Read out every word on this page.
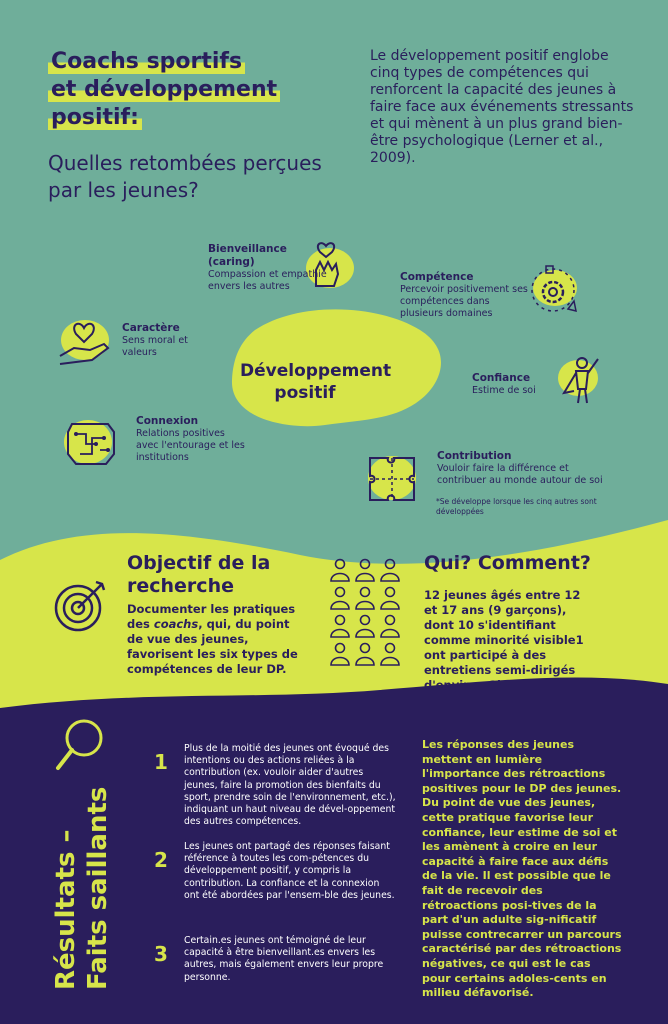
Coachs sportifs
et développement
positif:
Quelles retombées perçues par les jeunes?
Le développement positif englobe cinq types de compétences qui renforcent la capacité des jeunes à faire face aux événements stressants et qui mènent à un plus grand bien-être psychologique (Lerner et al., 2009).
Bienveillance (caring)
Compassion et empathie envers les autres
Compétence
Percevoir positivement ses compétences dans plusieurs domaines
Caractère
Sens moral et valeurs
Développement positif
Confiance
Estime de soi
Connexion
Relations positives avec l'entourage et les institutions	Contribution
Vouloir faire la différence et contribuer au monde autour de soi
*Se développe lorsque les cinq autres sont développées
Objectif de la recherche
Documenter les pratiques des coachs, qui, du point de vue des jeunes, favorisent les six types de compétences de leur DP.
Qui? Comment?
12 jeunes âgés entre 12 et 17 ans (9 garçons), dont 10 s'identifiant comme minorité visible1 ont participé à des entretiens semi-dirigés d'environ 1h.
Résultats –
Faits saillants
1
Plus de la moitié des jeunes ont évoqué des intentions ou des actions reliées à la contribution (ex. vouloir aider d'autres jeunes, faire la promotion des bienfaits du sport, prendre soin de l'environnement, etc.), indiquant un haut niveau de dével-oppement des autres compétences.
2
Les jeunes ont partagé des réponses faisant référence à toutes les com-pétences du développement positif, y compris la contribution. La confiance et la connexion ont été abordées par l'ensem-ble des jeunes.
3
Certain.es jeunes ont témoigné de leur capacité à être bienveillant.es envers les autres, mais également envers leur propre personne.
Les réponses des jeunes mettent en lumière l'importance des rétroactions positives pour le DP des jeunes. Du point de vue des jeunes, cette pratique favorise leur confiance, leur estime de soi et les amènent à croire en leur capacité à faire face aux défis de la vie. Il est possible que le fait de recevoir des rétroactions posi-tives de la part d'un adulte sig-nificatif puisse contrecarrer un parcours caractérisé par des rétroactions négatives, ce qui est le cas pour certains adoles-cents en milieu défavorisé.
